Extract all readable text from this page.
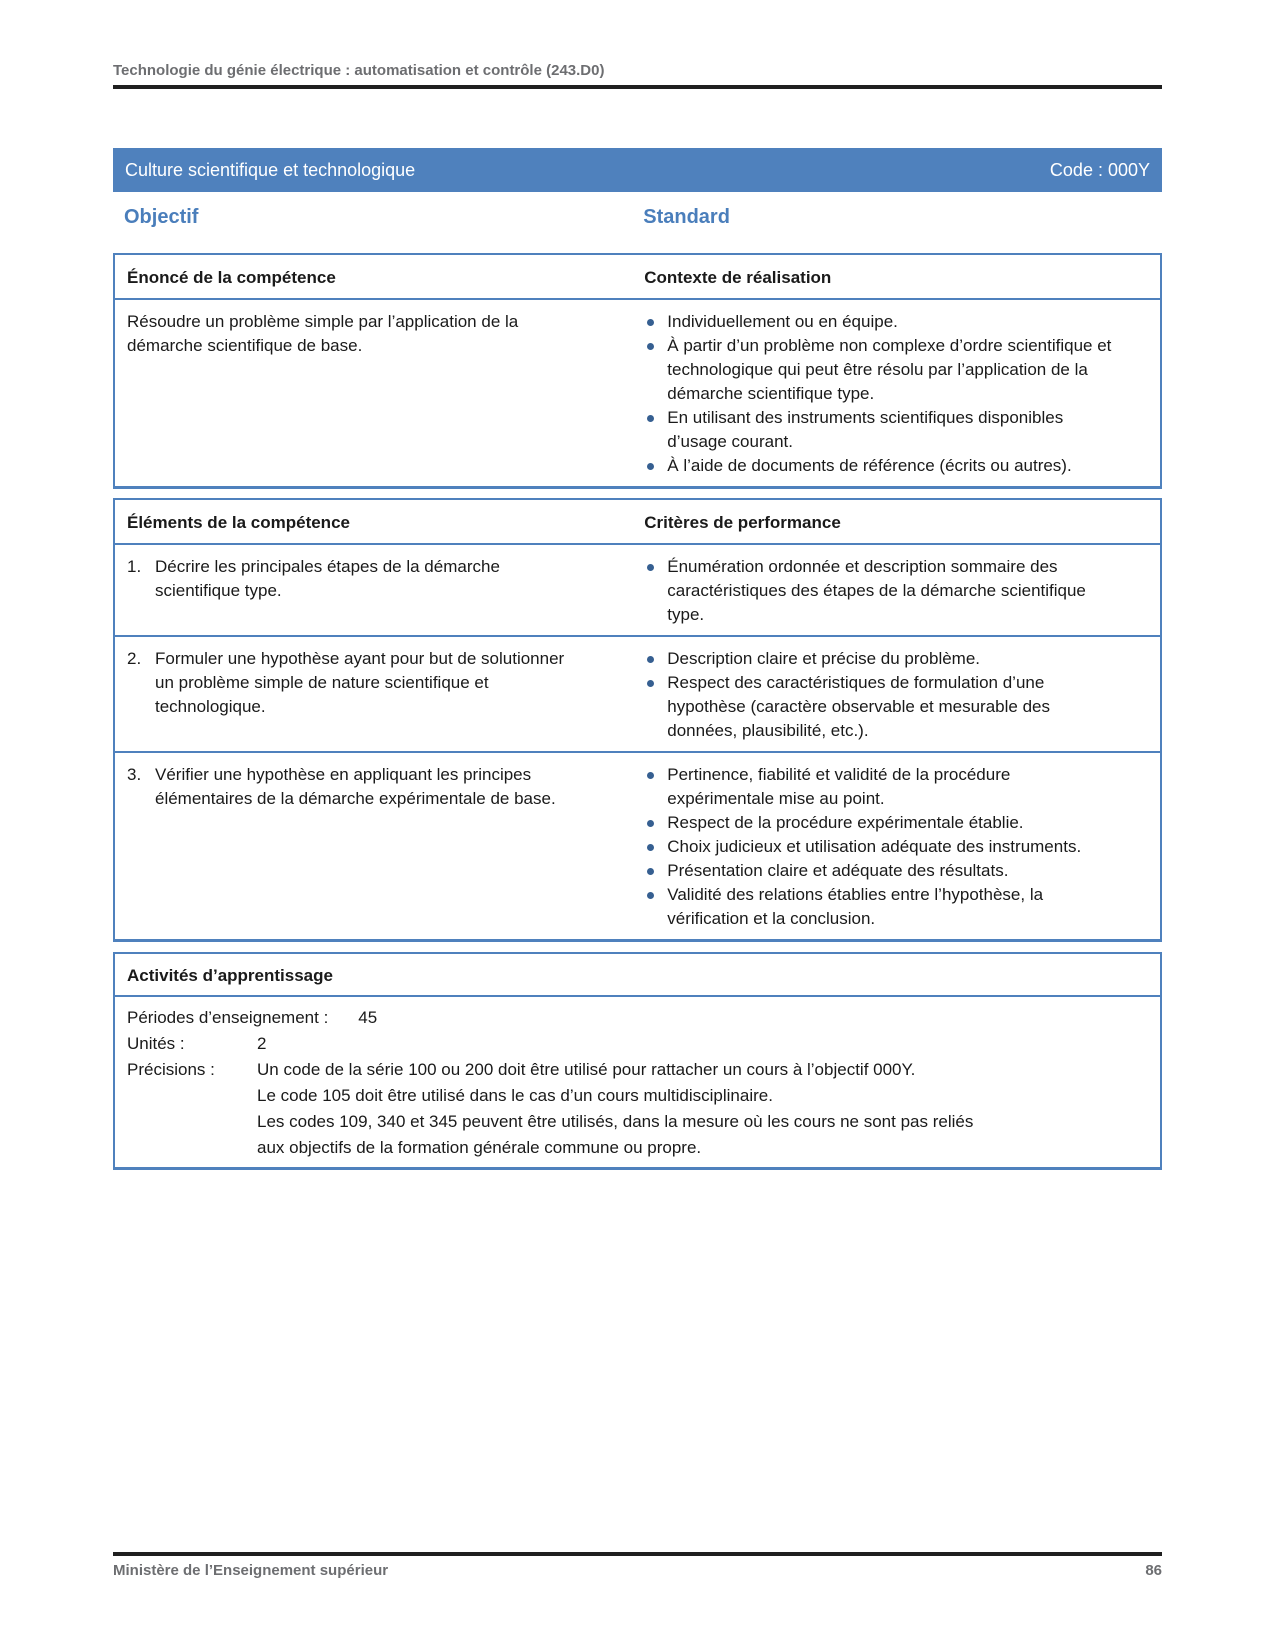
Technologie du génie électrique : automatisation et contrôle (243.D0)
Culture scientifique et technologique	Code : 000Y
Objectif	Standard
Énoncé de la compétence	Contexte de réalisation
Résoudre un problème simple par l’application de la démarche scientifique de base.
Individuellement ou en équipe.
À partir d’un problème non complexe d’ordre scientifique et technologique qui peut être résolu par l’application de la démarche scientifique type.
En utilisant des instruments scientifiques disponibles d’usage courant.
À l’aide de documents de référence (écrits ou autres).
Éléments de la compétence	Critères de performance
1. Décrire les principales étapes de la démarche scientifique type.
Énumération ordonnée et description sommaire des caractéristiques des étapes de la démarche scientifique type.
2. Formuler une hypothèse ayant pour but de solutionner un problème simple de nature scientifique et technologique.
Description claire et précise du problème.
Respect des caractéristiques de formulation d’une hypothèse (caractère observable et mesurable des données, plausibilité, etc.).
3. Vérifier une hypothèse en appliquant les principes élémentaires de la démarche expérimentale de base.
Pertinence, fiabilité et validité de la procédure expérimentale mise au point.
Respect de la procédure expérimentale établie.
Choix judicieux et utilisation adéquate des instruments.
Présentation claire et adéquate des résultats.
Validité des relations établies entre l’hypothèse, la vérification et la conclusion.
Activités d’apprentissage
Périodes d’enseignement : 45
Unités :	2
Précisions :	Un code de la série 100 ou 200 doit être utilisé pour rattacher un cours à l’objectif 000Y.
Le code 105 doit être utilisé dans le cas d’un cours multidisciplinaire.
Les codes 109, 340 et 345 peuvent être utilisés, dans la mesure où les cours ne sont pas reliés
aux objectifs de la formation générale commune ou propre.
Ministère de l’Enseignement supérieur	86
